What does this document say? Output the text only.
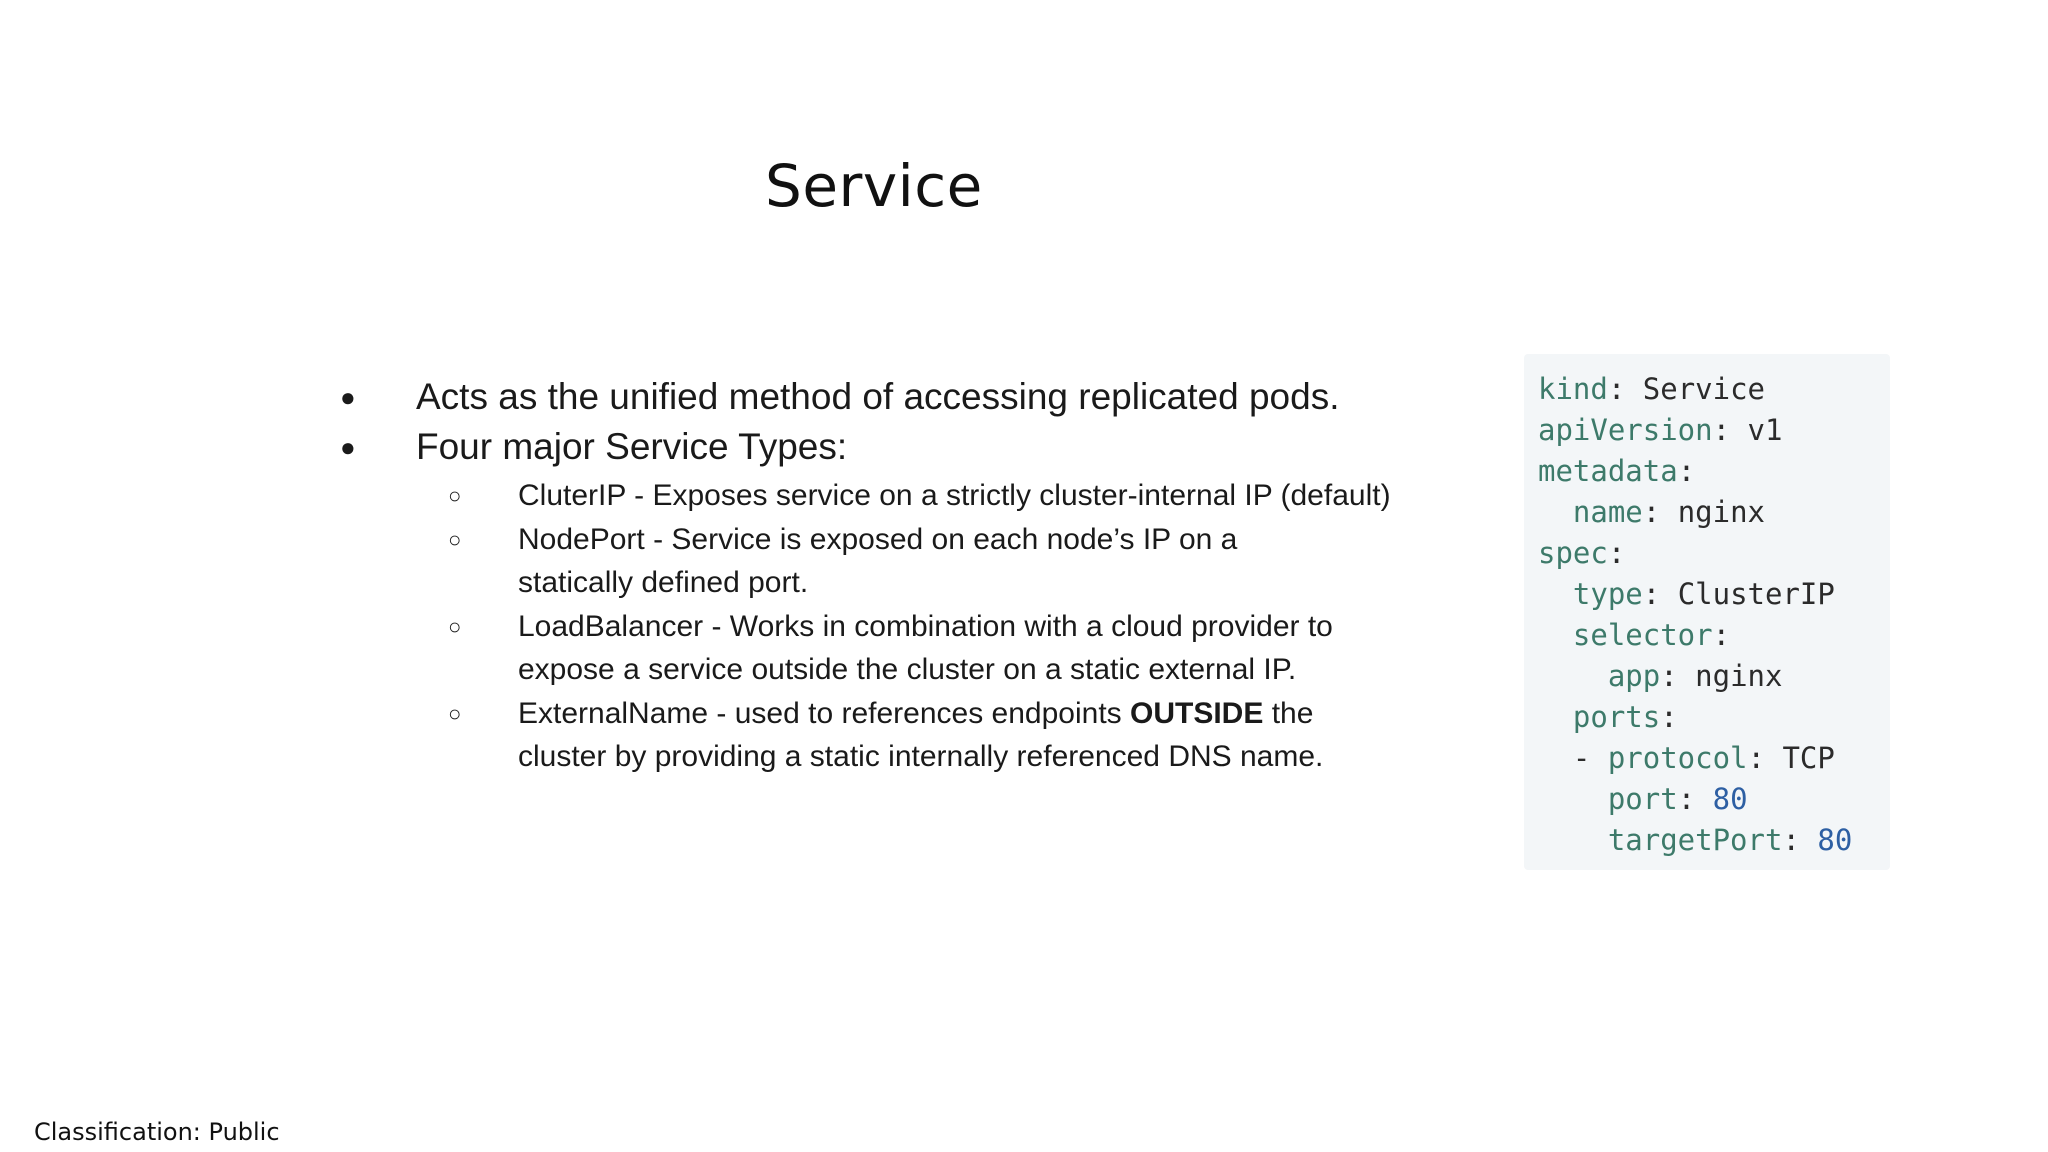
Service
● Acts as the unified method of accessing replicated pods.
● Four major Service Types:
○ CluterIP - Exposes service on a strictly cluster-internal IP (default)
○ NodePort - Service is exposed on each node’s IP on a
statically defined port.
○ LoadBalancer - Works in combination with a cloud provider to
expose a service outside the cluster on a static external IP.
○ ExternalName - used to references endpoints OUTSIDE the
cluster by providing a static internally referenced DNS name.
kind: Service
apiVersion: v1
metadata:
name: nginx
spec:
type: ClusterIP
selector:
app: nginx
ports:
- protocol: TCP
port: 80
targetPort: 80
Classification: Public
